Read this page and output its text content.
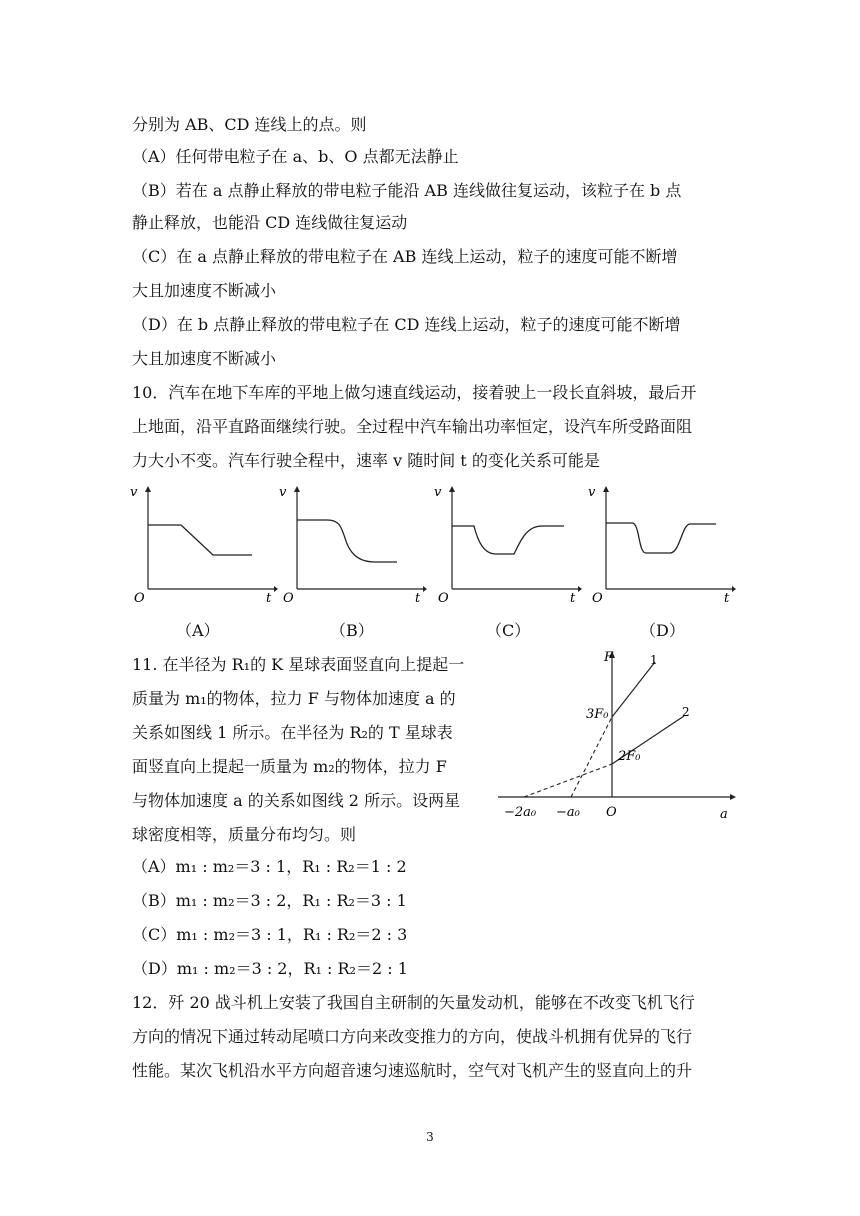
分别为 AB、CD 连线上的点。则
（A）任何带电粒子在 a、b、O 点都无法静止
（B）若在 a 点静止释放的带电粒子能沿 AB 连线做往复运动，该粒子在 b 点
静止释放，也能沿 CD 连线做往复运动
（C）在 a 点静止释放的带电粒子在 AB 连线上运动，粒子的速度可能不断增
大且加速度不断减小
（D）在 b 点静止释放的带电粒子在 CD 连线上运动，粒子的速度可能不断增
大且加速度不断减小
10．汽车在地下车库的平地上做匀速直线运动，接着驶上一段长直斜坡，最后开
上地面，沿平直路面继续行驶。全过程中汽车输出功率恒定，设汽车所受路面阻
力大小不变。汽车行驶全程中，速率 v 随时间 t 的变化关系可能是
v
O	t
v
O	t
v
O	t
v
O	t
（A）	（B）	（C）	（D）
11. 在半径为 R₁的 K 星球表面竖直向上提起一
质量为 m₁的物体，拉力 F 与物体加速度 a 的
关系如图线 1 所示。在半径为 R₂的 T 星球表
面竖直向上提起一质量为 m₂的物体，拉力 F
与物体加速度 a 的关系如图线 2 所示。设两星
球密度相等，质量分布均匀。则
（A）m₁ : m₂＝3 : 1，R₁ : R₂＝1 : 2
（B）m₁ : m₂＝3 : 2，R₁ : R₂＝3 : 1
（C）m₁ : m₂＝3 : 1，R₁ : R₂＝2 : 3
（D）m₁ : m₂＝3 : 2，R₁ : R₂＝2 : 1
F
a
O
1
2
3F₀
2F₀
−2a₀ −a₀
12．歼 20 战斗机上安装了我国自主研制的矢量发动机，能够在不改变飞机飞行
方向的情况下通过转动尾喷口方向来改变推力的方向，使战斗机拥有优异的飞行
性能。某次飞机沿水平方向超音速匀速巡航时，空气对飞机产生的竖直向上的升
3
